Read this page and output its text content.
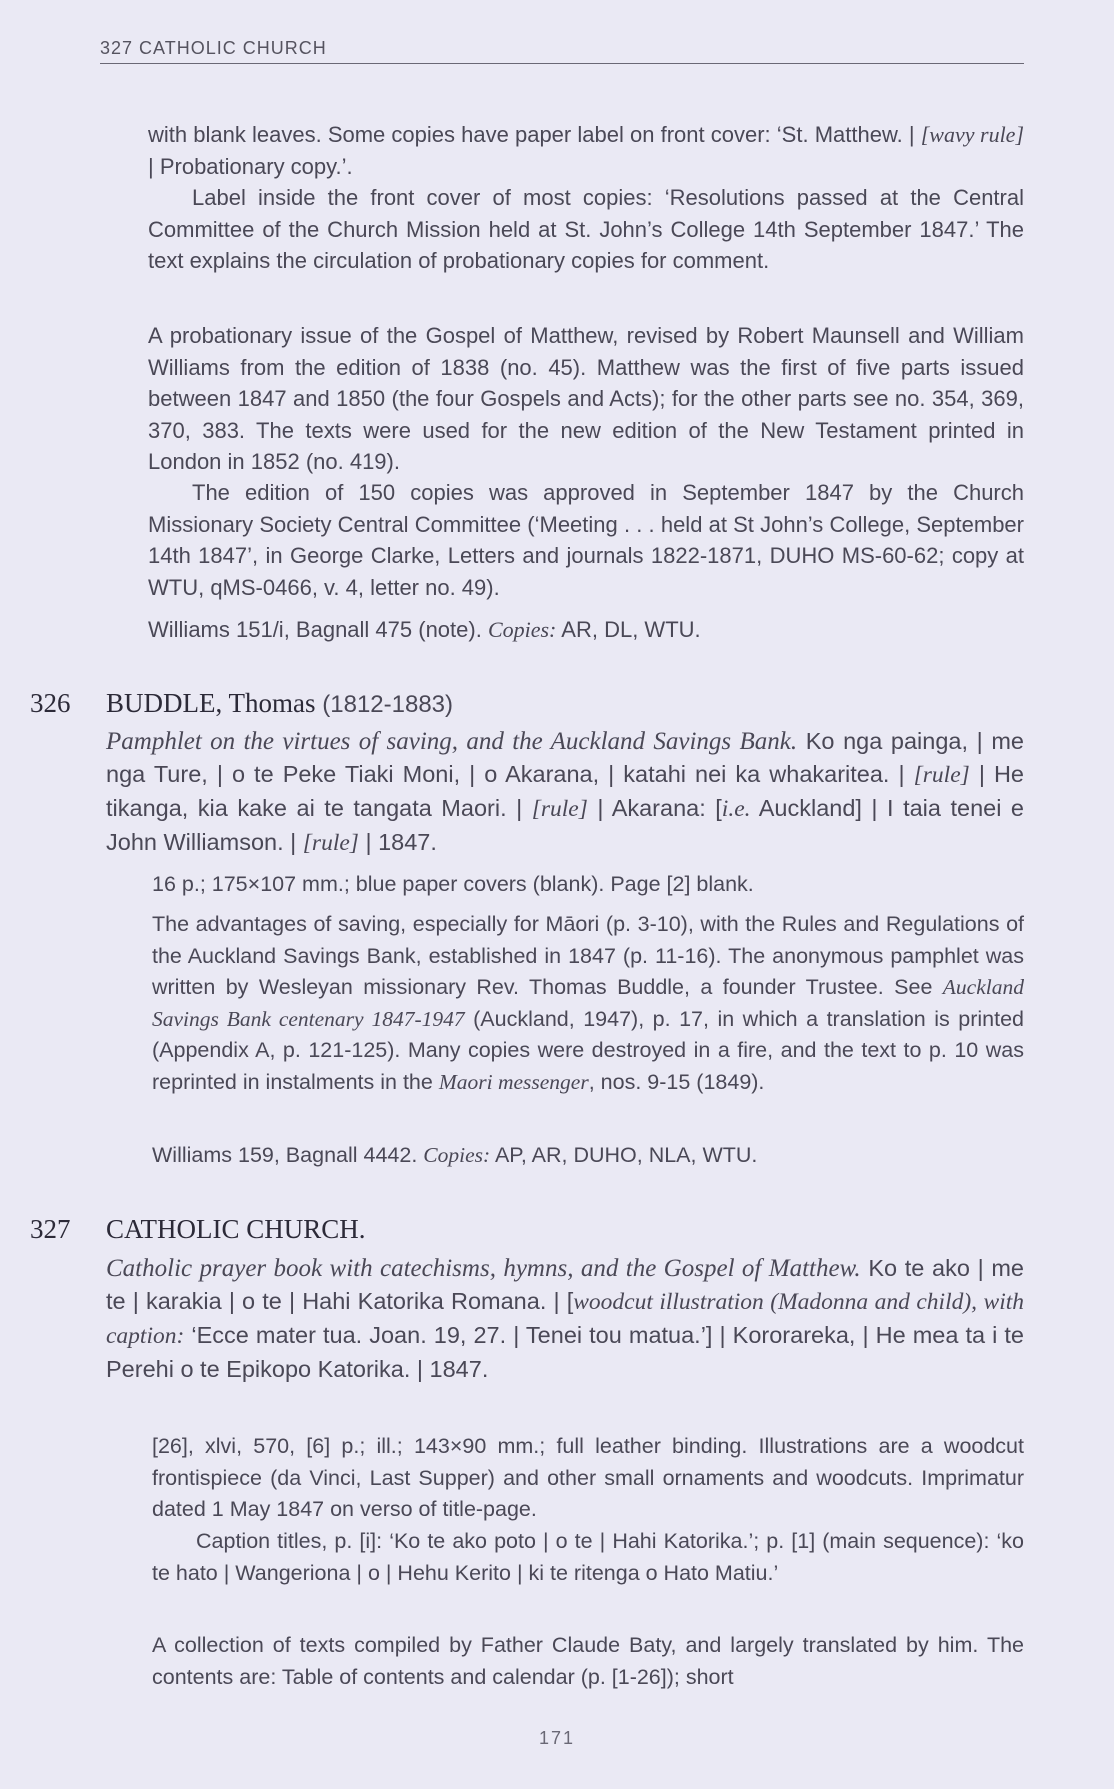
327 CATHOLIC CHURCH
with blank leaves. Some copies have paper label on front cover: ‘St. Matthew. | [wavy rule] | Probationary copy.’.
Label inside the front cover of most copies: ‘Resolutions passed at the Central Committee of the Church Mission held at St. John’s College 14th September 1847.’ The text explains the circulation of probationary copies for comment.
A probationary issue of the Gospel of Matthew, revised by Robert Maunsell and William Williams from the edition of 1838 (no. 45). Matthew was the first of five parts issued between 1847 and 1850 (the four Gospels and Acts); for the other parts see no. 354, 369, 370, 383. The texts were used for the new edition of the New Testament printed in London in 1852 (no. 419).
The edition of 150 copies was approved in September 1847 by the Church Missionary Society Central Committee (‘Meeting . . . held at St John’s College, September 14th 1847’, in George Clarke, Letters and journals 1822-1871, DUHO MS-60-62; copy at WTU, qMS-0466, v. 4, letter no. 49).
Williams 151/i, Bagnall 475 (note). Copies: AR, DL, WTU.
326 BUDDLE, Thomas (1812-1883)
Pamphlet on the virtues of saving, and the Auckland Savings Bank. Ko nga painga, | me nga Ture, | o te Peke Tiaki Moni, | o Akarana, | katahi nei ka whakaritea. | [rule] | He tikanga, kia kake ai te tangata Maori. | [rule] | Akarana: [i.e. Auckland] | I taia tenei e John Williamson. | [rule] | 1847.
16 p.; 175×107 mm.; blue paper covers (blank). Page [2] blank.
The advantages of saving, especially for Māori (p. 3-10), with the Rules and Regulations of the Auckland Savings Bank, established in 1847 (p. 11-16). The anonymous pamphlet was written by Wesleyan missionary Rev. Thomas Buddle, a founder Trustee. See Auckland Savings Bank centenary 1847-1947 (Auckland, 1947), p. 17, in which a translation is printed (Appendix A, p. 121-125). Many copies were destroyed in a fire, and the text to p. 10 was reprinted in instalments in the Maori messenger, nos. 9-15 (1849).
Williams 159, Bagnall 4442. Copies: AP, AR, DUHO, NLA, WTU.
327 CATHOLIC CHURCH.
Catholic prayer book with catechisms, hymns, and the Gospel of Matthew. Ko te ako | me te | karakia | o te | Hahi Katorika Romana. | [woodcut illustration (Madonna and child), with caption: ‘Ecce mater tua. Joan. 19, 27. | Tenei tou matua.’] | Kororareka, | He mea ta i te Perehi o te Epikopo Katorika. | 1847.
[26], xlvi, 570, [6] p.; ill.; 143×90 mm.; full leather binding. Illustrations are a woodcut frontispiece (da Vinci, Last Supper) and other small ornaments and woodcuts. Imprimatur dated 1 May 1847 on verso of title-page.
Caption titles, p. [i]: ‘Ko te ako poto | o te | Hahi Katorika.’; p. [1] (main sequence): ‘ko te hato | Wangeriona | o | Hehu Kerito | ki te ritenga o Hato Matiu.’
A collection of texts compiled by Father Claude Baty, and largely translated by him. The contents are: Table of contents and calendar (p. [1-26]); short
171
